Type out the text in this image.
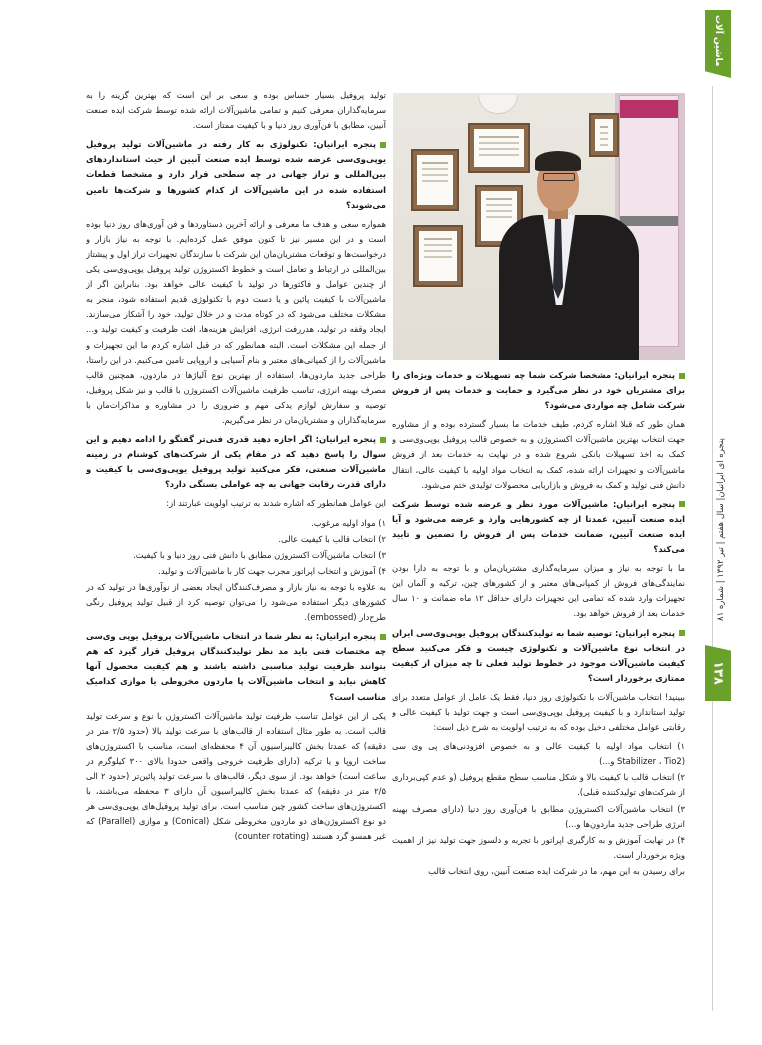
ماشین آلات
پنجره ای ایرانیان| سال هفتم | تیر ۱۳۹۲ | شماره ۸۱
۱۳۸

تولید پروفیل بسیار حساس بوده و سعی بر این است که بهترین گزینه را به سرمایه‌گذاران معرفی کنیم و تمامی ماشین‌آلات ارائه شده توسط شرکت ایده صنعت آنیین، مطابق با فن‌آوری روز دنیا و با کیفیت ممتاز است.

پنجره ایرانیان: تکنولوژی به کار رفته در ماشین‌آلات تولید پروفیل یوپی‌وی‌سی عرضه شده توسط ایده صنعت آنیین از حیث استانداردهای بین‌المللی و تراز جهانی در چه سطحی قرار دارد و مشخصا قطعات استفاده شده در این ماشین‌آلات از کدام کشورها و شرکت‌ها تامین می‌شوند؟

همواره سعی و هدف ما معرفی و ارائه آخرین دستاوردها و فن آوری‌های روز دنیا بوده است و در این مسیر نیز تا کنون موفق عمل کرده‌ایم. با توجه به نیاز بازار و درخواست‌ها و توقعات مشتریان‌مان این شرکت با سازندگان تجهیزات تراز اول و پیشتاز بین‌المللی در ارتباط و تعامل است و خطوط اکستروژن تولید پروفیل یوپی‌وی‌سی یکی از چندین عوامل و فاکتورها در تولید با کیفیت عالی خواهد بود. بنابراین اگر از ماشین‌آلات با کیفیت پائین و یا دست دوم با تکنولوژی قدیم استفاده شود، منجر به مشکلات مختلف می‌شود که در کوتاه مدت و در خلال تولید، خود را آشکار می‌سازند. ایجاد وقفه در تولید، هدررفت انرژی، افزایش هزینه‌ها، افت ظرفیت و کیفیت تولید و... از جمله این مشکلات است. البته همانطور که در قبل اشاره کردم ما این تجهیزات و ماشین‌آلات را از کمپانی‌های معتبر و بنام آسیایی و اروپایی تامین می‌کنیم. در این راستا، طراحی جدید ماردون‌ها، استفاده از بهترین نوع آلیاژها در ماردون، همچنین قالب مصرف بهینه انرژی، تناسب ظرفیت ماشین‌آلات اکستروژن با قالب و نیز شکل پروفیل، توصیه و سفارش لوازم یدکی مهم و ضروری را در مشاوره و مذاکرات‌مان با سرمایه‌گذاران و مشتریان‌مان در نظر می‌گیریم.

پنجره ایرانیان: اگر اجازه دهید قدری فنی‌تر گفتگو را ادامه دهیم و این سوال را پاسخ دهید که در مقام یکی از شرکت‌های کوشنام در زمینه ماشین‌آلات صنعتی، فکر می‌کنید تولید پروفیل یوپی‌وی‌سی با کیفیت و دارای قدرت رقابت جهانی به چه عواملی بستگی دارد؟

این عوامل همانطور که اشاره شدند به ترتیب اولویت عبارتند از:

۱) مواد اولیه مرغوب.
۲) انتخاب قالب با کیفیت عالی.
۳) انتخاب ماشین‌آلات اکستروژن مطابق با دانش فنی روز دنیا و با کیفیت.
۴) آموزش و انتخاب اپراتور مجرب جهت کار با ماشین‌آلات و تولید.

به علاوه با توجه به نیاز بازار و مصرف‌کنندگان ایجاد بعضی از نوآوری‌ها در تولید که در کشورهای دیگر استفاده می‌شود را می‌توان توصیه کرد از قبیل تولید پروفیل رنگی طرح‌دار (embossed).

پنجره ایرانیان: به نظر شما در انتخاب ماشین‌آلات پروفیل یوپی وی‌سی چه مختصات فنی باید مد نظر تولیدکنندگان پروفیل قرار گیرد که هم بتوانند ظرفیت تولید مناسبی داشته باشند و هم کیفیت محصول آنها کاهش نیابد و انتخاب ماشین‌آلات پا ماردون مخروطی یا موازی کدامیک مناسب است؟

یکی از این عوامل تناسب ظرفیت تولید ماشین‌آلات اکستروژن با نوع و سرعت تولید قالب است. به طور مثال استفاده از قالب‌های با سرعت تولید بالا (حدود ۲/۵ متر در دقیقه) که عمدتا بخش کالیبراسیون آن ۴ محفظه‌ای است، مناسب با اکستروژن‌های ساخت اروپا و یا ترکیه (دارای ظرفیت خروجی واقعی حدودا بالای ۳۰۰ کیلوگرم در ساعت است) خواهد بود. از سوی دیگر، قالب‌های با سرعت تولید پائین‌تر (حدود ۲ الی ۲/۵ متر در دقیقه) که عمدتا بخش کالیبراسیون آن دارای ۳ محفظه می‌باشند، با اکستروژن‌های ساخت کشور چین مناسب است. برای تولید پروفیل‌های یوپی‌وی‌سی هر دو نوع اکستروژن‌های دو ماردون مخروطی شکل (Conical) و موازی (Parallel) که غیر همسو گرد هستند (counter rotating)

پنجره ایرانیان: مشخصا شرکت شما چه تسهیلات و خدمات ویژه‌ای را برای مشتریان خود در نظر می‌گیرد و حمایت و خدمات پس از فروش شرکت شامل چه مواردی می‌شود؟

همان طور که قبلا اشاره کردم، طیف خدمات ما بسیار گسترده بوده و از مشاوره جهت انتخاب بهترین ماشین‌آلات اکستروژن و به خصوص قالب پروفیل یوپی‌وی‌سی و کمک به اخذ تسهیلات بانکی شروع شده و در نهایت به خدمات بعد از فروش ماشین‌آلات و تجهیزات ارائه شده، کمک به انتخاب مواد اولیه با کیفیت عالی، انتقال دانش فنی تولید و کمک به فروش و بازاریابی محصولات تولیدی ختم می‌شود.

پنجره ایرانیان: ماشین‌آلات مورد نظر و عرضه شده توسط شرکت ایده صنعت آنیین، عمدتا از چه کشورهایی وارد و عرضه می‌شود و آیا ایده صنعت آنیین، ضمانت خدمات پس از فروش را تضمین و تایید می‌کند؟

ما با توجه به نیاز و میزان سرمایه‌گذاری مشتریان‌مان و با توجه به دارا بودن نمایندگی‌های فروش از کمپانی‌های معتبر و از کشورهای چین، ترکیه و آلمان این تجهیزات وارد شده که تمامی این تجهیزات دارای حداقل ۱۲ ماه ضمانت و ۱۰ سال خدمات بعد از فروش خواهد بود.

پنجره ایرانیان: توصیه شما به تولیدکنندگان پروفیل یوپی‌وی‌سی ایران در انتخاب نوع ماشین‌آلات و تکنولوژی چیست و فکر می‌کنید سطح کیفیت ماشین‌آلات موجود در خطوط تولید فعلی تا چه میزان از کیفیت ممتازی برخوردار است؟

ببینید! انتخاب ماشین‌آلات با تکنولوژی روز دنیا، فقط یک عامل از عوامل متعدد برای تولید استاندارد و با کیفیت پروفیل یوپی‌وی‌سی است و جهت تولید با کیفیت عالی و رقابتی عوامل مختلفی دخیل بوده که به ترتیب اولویت به شرح ذیل است:

۱) انتخاب مواد اولیه با کیفیت عالی و به خصوص افزودنی‌های پی وی سی (Stabilizer ، Tio2 و...)
۲) انتخاب قالب با کیفیت بالا و شکل مناسب سطح مقطع پروفیل (و عدم کپی‌برداری از شرکت‌های تولیدکننده قبلی).
۳) انتخاب ماشین‌آلات اکستروژن مطابق با فن‌آوری روز دنیا (دارای مصرف بهینه انرژی طراحی جدید ماردون‌ها و...)
۴) در نهایت آموزش و به کارگیری اپراتور با تجربه و دلسوز جهت تولید نیز از اهمیت ویژه برخوردار است.

برای رسیدن به این مهم، ما در شرکت ایده صنعت آنیین، روی انتخاب قالب
